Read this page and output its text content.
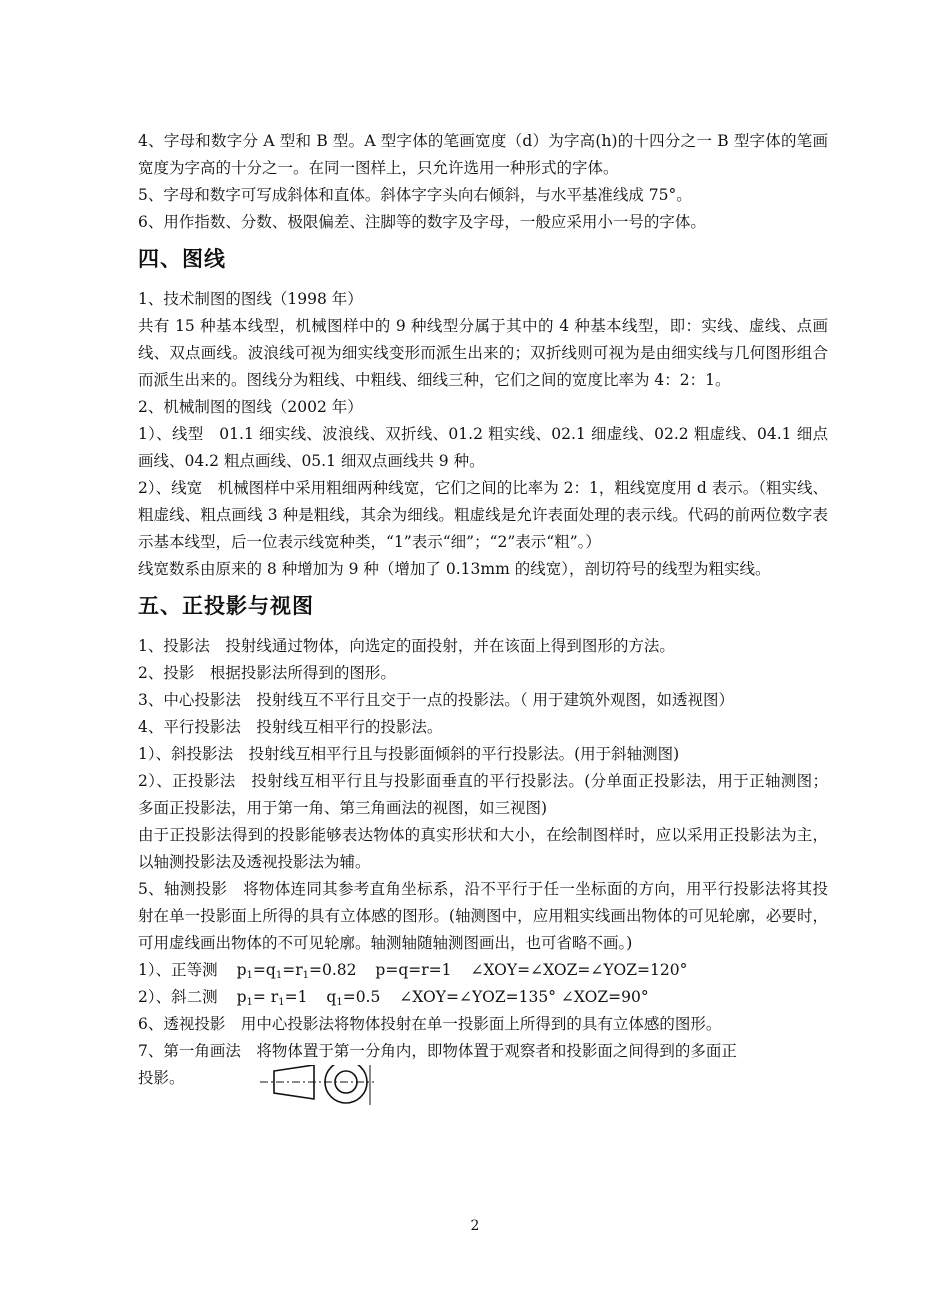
4、字母和数字分 A 型和 B 型。A 型字体的笔画宽度（d）为字高(h)的十四分之一 B 型字体的笔画宽度为字高的十分之一。在同一图样上，只允许选用一种形式的字体。

5、字母和数字可写成斜体和直体。斜体字字头向右倾斜，与水平基准线成 75°。

6、用作指数、分数、极限偏差、注脚等的数字及字母，一般应采用小一号的字体。

四、图线

1、技术制图的图线（1998 年）

共有 15 种基本线型，机械图样中的 9 种线型分属于其中的 4 种基本线型，即：实线、虚线、点画线、双点画线。波浪线可视为细实线变形而派生出来的；双折线则可视为是由细实线与几何图形组合而派生出来的。图线分为粗线、中粗线、细线三种，它们之间的宽度比率为 4：2：1。

2、机械制图的图线（2002 年）

1）、线型　01.1 细实线、波浪线、双折线、01.2 粗实线、02.1 细虚线、02.2 粗虚线、04.1 细点画线、04.2 粗点画线、05.1 细双点画线共 9 种。

2）、线宽　机械图样中采用粗细两种线宽，它们之间的比率为 2：1，粗线宽度用 d 表示。（粗实线、粗虚线、粗点画线 3 种是粗线，其余为细线。粗虚线是允许表面处理的表示线。代码的前两位数字表示基本线型，后一位表示线宽种类，“1”表示“细”；“2”表示“粗”。）

线宽数系由原来的 8 种增加为 9 种（增加了 0.13mm 的线宽），剖切符号的线型为粗实线。

五、正投影与视图

1、投影法　投射线通过物体，向选定的面投射，并在该面上得到图形的方法。

2、投影　根据投影法所得到的图形。

3、中心投影法　投射线互不平行且交于一点的投影法。（ 用于建筑外观图，如透视图）

4、平行投影法　投射线互相平行的投影法。

1）、斜投影法　投射线互相平行且与投影面倾斜的平行投影法。(用于斜轴测图)

2）、正投影法　投射线互相平行且与投影面垂直的平行投影法。(分单面正投影法，用于正轴测图；多面正投影法，用于第一角、第三角画法的视图，如三视图)

由于正投影法得到的投影能够表达物体的真实形状和大小，在绘制图样时，应以采用正投影法为主，以轴测投影法及透视投影法为辅。

5、轴测投影　将物体连同其参考直角坐标系，沿不平行于任一坐标面的方向，用平行投影法将其投射在单一投影面上所得的具有立体感的图形。(轴测图中，应用粗实线画出物体的可见轮廓，必要时，可用虚线画出物体的不可见轮廓。轴测轴随轴测图画出，也可省略不画。)

1）、正等测 $p_1=q_1=r_1=0.82$ p=q=r=1 ∠XOY=∠XOZ=∠YOZ=120°

2）、斜二测 $p_1= r_1=1$ $q_1=0.5$ ∠XOY=∠YOZ=135° ∠XOZ=90°

6、透视投影　用中心投影法将物体投射在单一投影面上所得到的具有立体感的图形。

7、第一角画法　将物体置于第一分角内，即物体置于观察者和投影面之间得到的多面正

投影。
2
